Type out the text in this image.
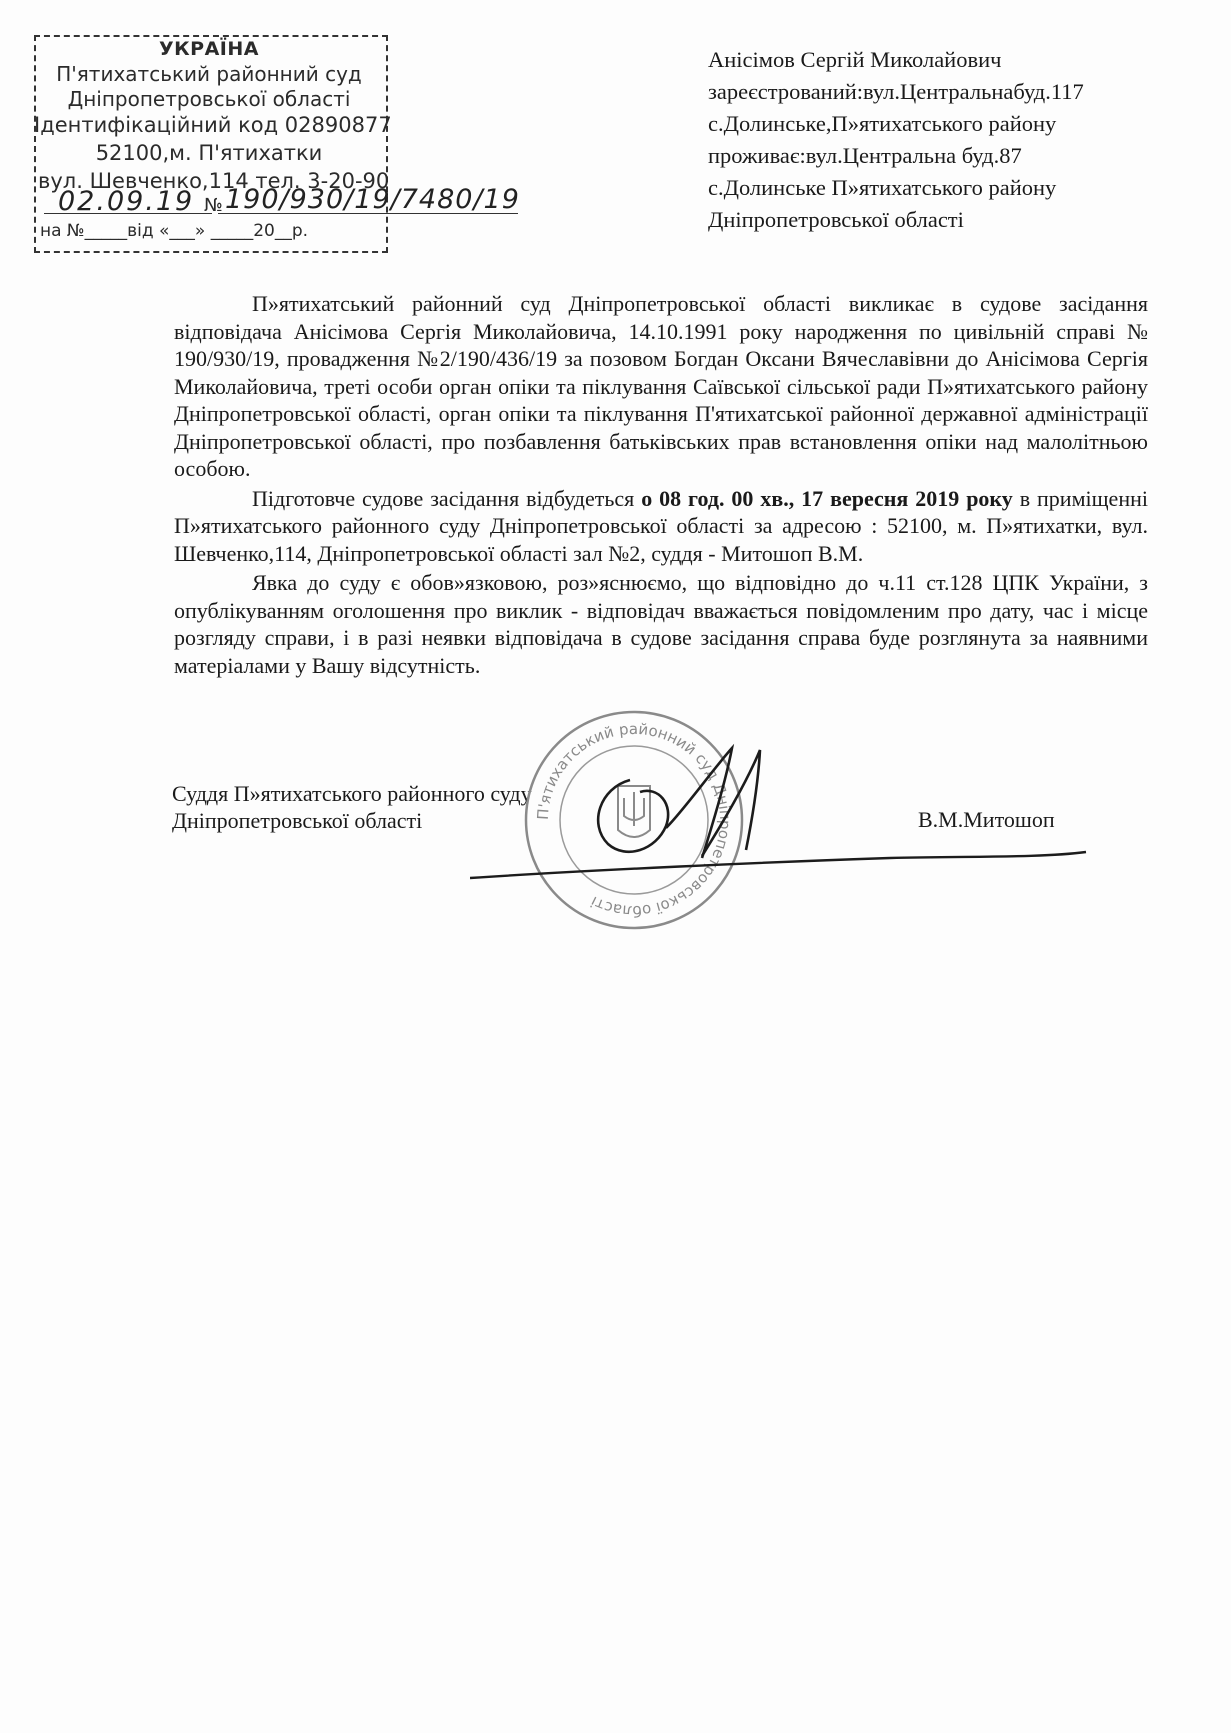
УКРАЇНА
П'ятихатський районний суд
Дніпропетровської області
Ідентифікаційний код 02890877
52100,м. П'ятихатки
вул. Шевченко,114 тел. 3-20-90
№
на №_____від «___» _____20__р.
02.09.19 190/930/19/7480/19
Анісімов Сергій Миколайович
зареєстрований:вул.Центральнабуд.117
с.Долинське,П»ятихатського району
проживає:вул.Центральна буд.87
с.Долинське П»ятихатського району
Дніпропетровської області

П»ятихатський районний суд Дніпропетровської області викликає в судове засідання відповідача Анісімова Сергія Миколайовича, 14.10.1991 року народження по цивільній справі № 190/930/19, провадження №2/190/436/19 за позовом Богдан Оксани Вячеславівни до Анісімова Сергія Миколайовича, треті особи орган опіки та піклування Саївської сільської ради П»ятихатського району Дніпропетровської області, орган опіки та піклування П'ятихатської районної державної адміністрації Дніпропетровської області, про позбавлення батьківських прав встановлення опіки над малолітньою особою.

Підготовче судове засідання відбудеться о 08 год. 00 хв., 17 вересня 2019 року в приміщенні П»ятихатського районного суду Дніпропетровської області за адресою : 52100, м. П»ятихатки, вул. Шевченко,114, Дніпропетровської області зал №2, суддя - Митошоп В.М.

Явка до суду є обов»язковою, роз»яснюємо, що відповідно до ч.11 ст.128 ЦПК України, з опублікуванням оголошення про виклик - відповідач вважається повідомленим про дату, час і місце розгляду справи, і в разі неявки відповідача в судове засідання справа буде розглянута за наявними матеріалами у Вашу відсутність.

Суддя П»ятихатського районного суду
Дніпропетровської області	П'ятихатський районний суд Дніпропетровської області
В.М.Митошоп
